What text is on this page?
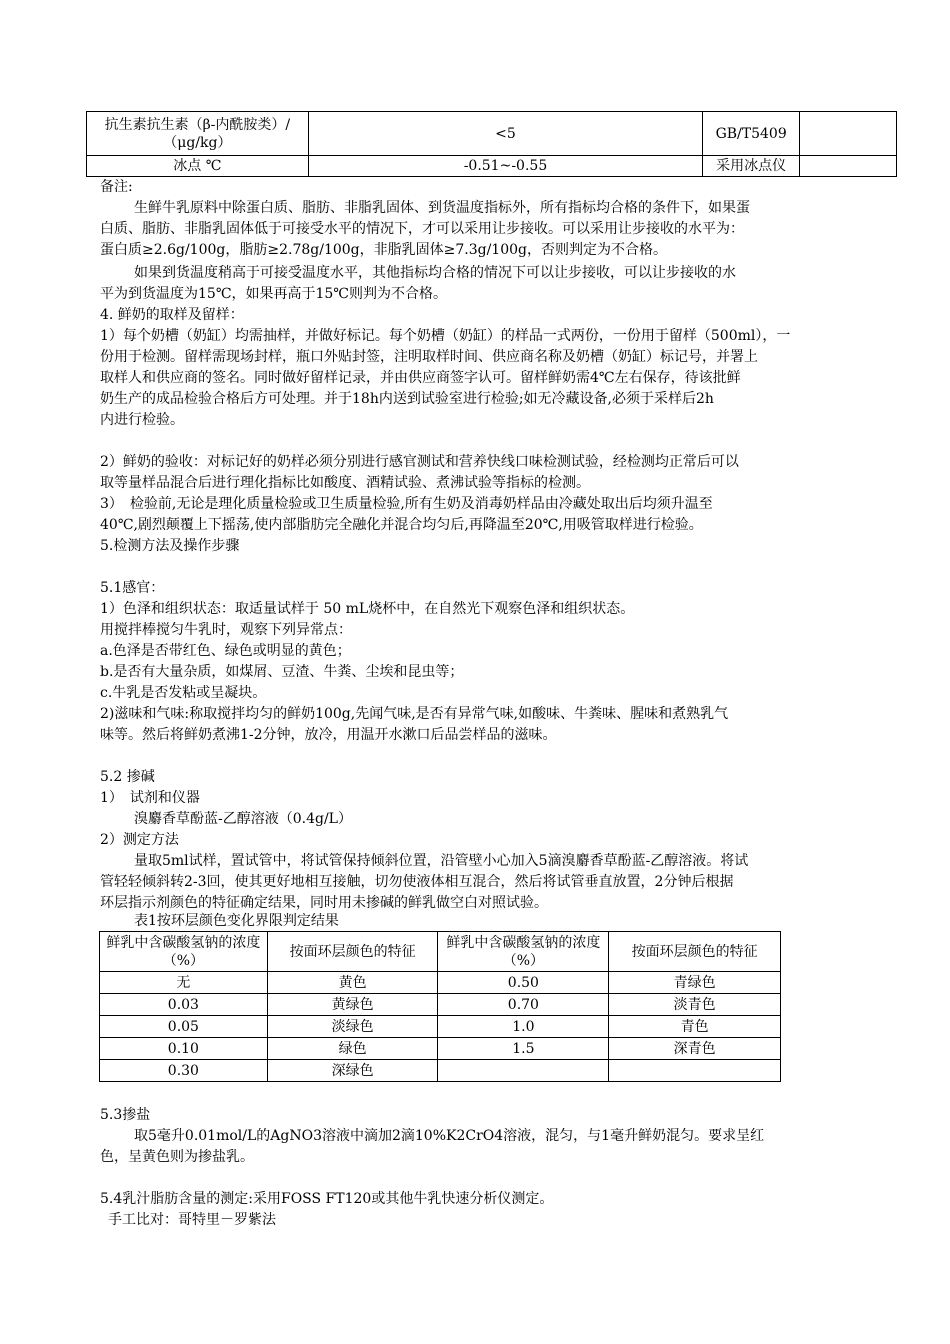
抗生素抗生素（β-内酰胺类）/（μg/kg）	<5	GB/T5409	
冰点 ℃	-0.51~-0.55	采用冰点仪	
备注:
生鲜牛乳原料中除蛋白质、脂肪、非脂乳固体、到货温度指标外，所有指标均合格的条件下，如果蛋
白质、脂肪、非脂乳固体低于可接受水平的情况下，才可以采用让步接收。可以采用让步接收的水平为：
蛋白质≥2.6g/100g，脂肪≥2.78g/100g，非脂乳固体≥7.3g/100g，否则判定为不合格。
如果到货温度稍高于可接受温度水平，其他指标均合格的情况下可以让步接收，可以让步接收的水
平为到货温度为15℃，如果再高于15℃则判为不合格。
4. 鲜奶的取样及留样：
1）每个奶槽（奶缸）均需抽样，并做好标记。每个奶槽（奶缸）的样品一式两份，一份用于留样（500ml），一
份用于检测。留样需现场封样，瓶口外贴封签，注明取样时间、供应商名称及奶槽（奶缸）标记号，并署上
取样人和供应商的签名。同时做好留样记录，并由供应商签字认可。留样鲜奶需4℃左右保存，待该批鲜
奶生产的成品检验合格后方可处理。并于18h内送到试验室进行检验;如无冷藏设备,必须于采样后2h
内进行检验。
2）鲜奶的验收：对标记好的奶样必须分别进行感官测试和营养快线口味检测试验，经检测均正常后可以
取等量样品混合后进行理化指标比如酸度、酒精试验、煮沸试验等指标的检测。
3）　检验前,无论是理化质量检验或卫生质量检验,所有生奶及消毒奶样品由冷藏处取出后均须升温至
40℃,剧烈颠覆上下摇荡,使内部脂肪完全融化并混合均匀后,再降温至20℃,用吸管取样进行检验。
5.检测方法及操作步骤
5.1感官：
1）色泽和组织状态：取适量试样于 50 mL烧杯中，在自然光下观察色泽和组织状态。
用搅拌棒搅匀牛乳时，观察下列异常点：
a.色泽是否带红色、绿色或明显的黄色；
b.是否有大量杂质，如煤屑、豆渣、牛粪、尘埃和昆虫等；
c.牛乳是否发粘或呈凝块。
2)滋味和气味:称取搅拌均匀的鲜奶100g,先闻气味,是否有异常气味,如酸味、牛粪味、腥味和煮熟乳气
味等。然后将鲜奶煮沸1-2分钟，放冷，用温开水漱口后品尝样品的滋味。
5.2 掺碱
1）　试剂和仪器
溴麝香草酚蓝-乙醇溶液（0.4g/L）
2）测定方法
量取5ml试样，置试管中，将试管保持倾斜位置，沿管壁小心加入5滴溴麝香草酚蓝-乙醇溶液。将试
管轻轻倾斜转2-3回，使其更好地相互接触，切勿使液体相互混合，然后将试管垂直放置，2分钟后根据
环层指示剂颜色的特征确定结果，同时用未掺碱的鲜乳做空白对照试验。
表1按环层颜色变化界限判定结果
鲜乳中含碳酸氢钠的浓度（%）	按面环层颜色的特征	鲜乳中含碳酸氢钠的浓度（%）	按面环层颜色的特征
无	黄色	0.50	青绿色
0.03	黄绿色	0.70	淡青色
0.05	淡绿色	1.0	青色
0.10	绿色	1.5	深青色
0.30	深绿色		
5.3掺盐
取5毫升0.01mol/L的AgNO3溶液中滴加2滴10%K2CrO4溶液，混匀，与1毫升鲜奶混匀。要求呈红
色，呈黄色则为掺盐乳。
5.4乳汁脂肪含量的测定:采用FOSS FT120或其他牛乳快速分析仪测定。
手工比对：哥特里－罗紫法
